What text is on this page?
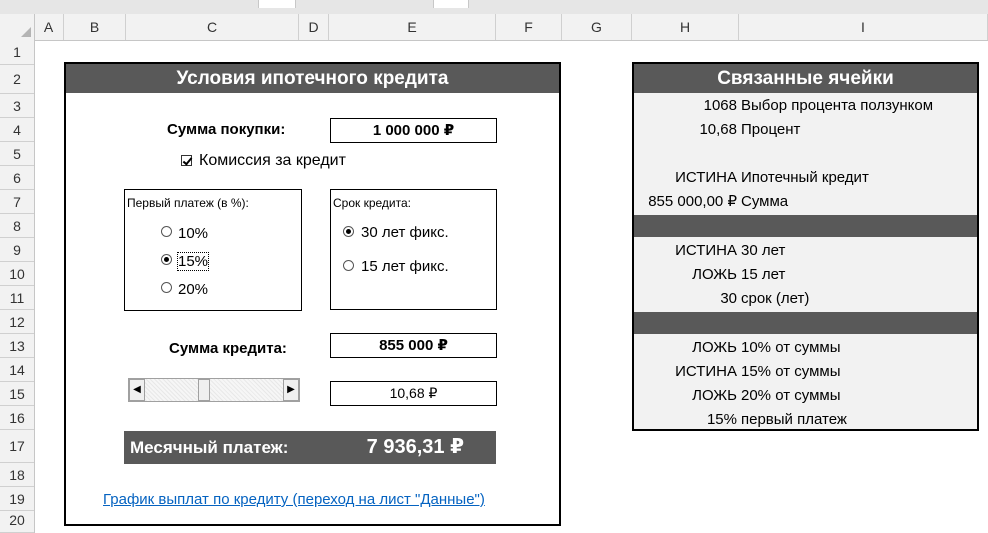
A	B	C	D	E	F	G	H	I
1
2
3
4
5
6
7
8
9
10
11
12
13
14
15
16
17
18
19
20
Условия ипотечного кредита
Сумма покупки:	1 000 000 ₽
Комиссия за кредит
Первый платеж (в %):
10%
15%
20%
Срок кредита:
30 лет фикс.
15 лет фикс.
Сумма кредита:	855 000 ₽
◀	▶	10,68 ₽
Месячный платеж:	7 936,31 ₽
График выплат по кредиту (переход на лист "Данные")
Связанные ячейки
1068 Выбор процента ползунком
10,68 Процент
ИСТИНА Ипотечный кредит
855 000,00 ₽ Сумма
ИСТИНА 30 лет
ЛОЖЬ 15 лет
30 срок (лет)
ЛОЖЬ 10% от суммы
ИСТИНА 15% от суммы
ЛОЖЬ 20% от суммы
15% первый платеж
